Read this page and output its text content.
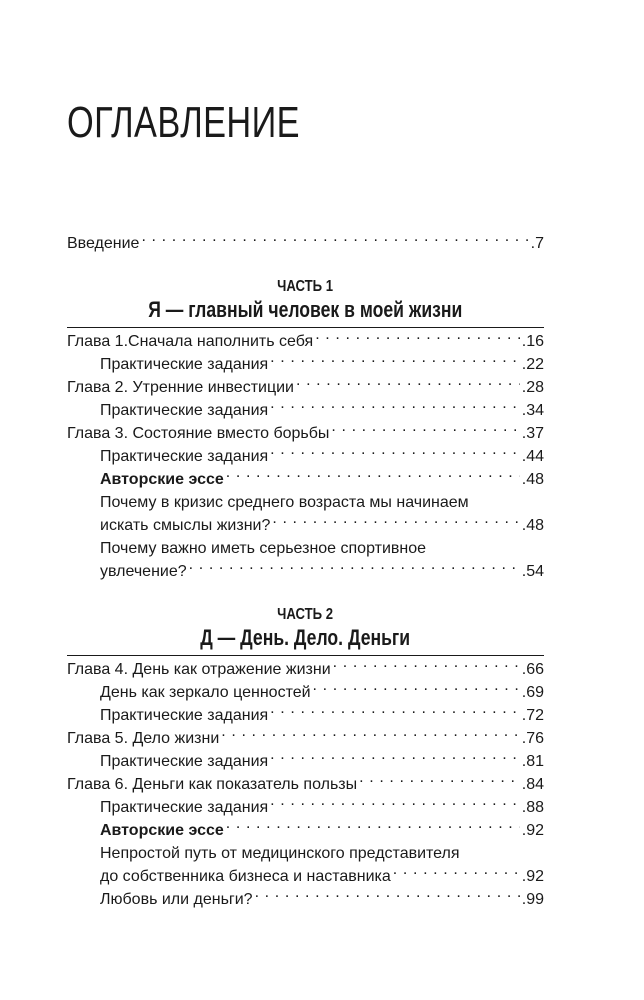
ОГЛАВЛЕНИЕ
Введение . . .	.7
ЧАСТЬ 1
Я — главный человек в моей жизни
Глава 1.Сначала наполнить себя . . .	.16
Практические задания . . .	.22
Глава 2. Утренние инвестиции . . .	.28
Практические задания . . .	.34
Глава 3. Состояние вместо борьбы . . .	.37
Практические задания . . .	.44
Авторские эссе . . .	.48
Почему в кризис среднего возраста мы начинаем
искать смыслы жизни? . . .	.48
Почему важно иметь серьезное спортивное
увлечение? . . .	.54
ЧАСТЬ 2
Д — День. Дело. Деньги
Глава 4. День как отражение жизни . . .	.66
День как зеркало ценностей . . .	.69
Практические задания . . .	.72
Глава 5. Дело жизни . . .	.76
Практические задания . . .	.81
Глава 6. Деньги как показатель пользы . . .	.84
Практические задания . . .	.88
Авторские эссе . . .	.92
Непростой путь от медицинского представителя
до собственника бизнеса и наставника . . .	.92
Любовь или деньги? . . .	.99
